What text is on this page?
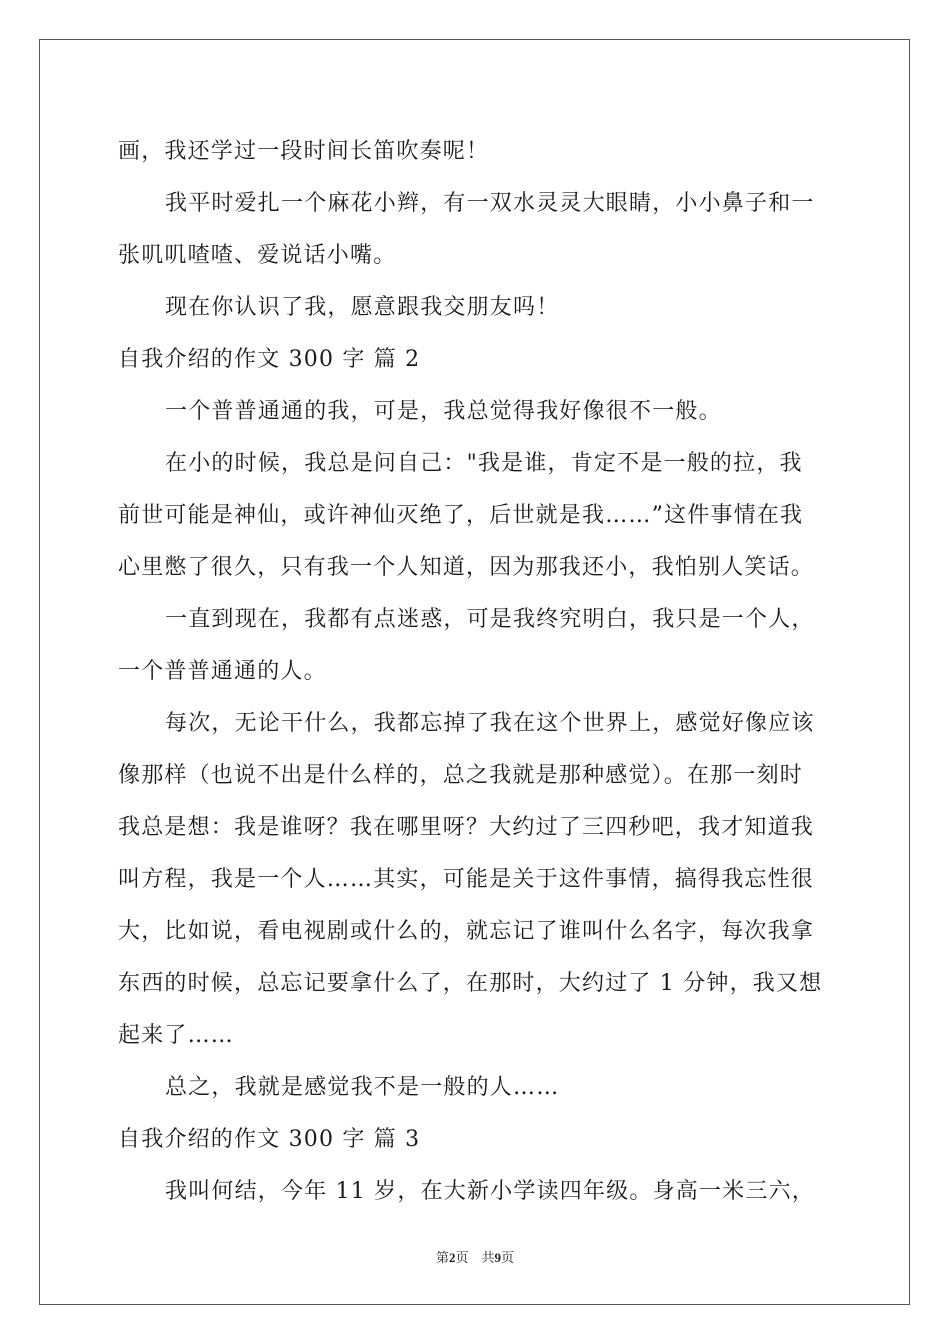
画，我还学过一段时间长笛吹奏呢！
我平时爱扎一个麻花小辫，有一双水灵灵大眼睛，小小鼻子和一
张叽叽喳喳、爱说话小嘴。
现在你认识了我，愿意跟我交朋友吗！
自我介绍的作文 300 字 篇 2
一个普普通通的我，可是，我总觉得我好像很不一般。
在小的时候，我总是问自己："我是谁，肯定不是一般的拉，我
前世可能是神仙，或许神仙灭绝了，后世就是我……”这件事情在我
心里憋了很久，只有我一个人知道，因为那我还小，我怕别人笑话。
一直到现在，我都有点迷惑，可是我终究明白，我只是一个人，
一个普普通通的人。
每次，无论干什么，我都忘掉了我在这个世界上，感觉好像应该
像那样（也说不出是什么样的，总之我就是那种感觉）。在那一刻时
我总是想：我是谁呀？我在哪里呀？大约过了三四秒吧，我才知道我
叫方程，我是一个人……其实，可能是关于这件事情，搞得我忘性很
大，比如说，看电视剧或什么的，就忘记了谁叫什么名字，每次我拿
东西的时候，总忘记要拿什么了，在那时，大约过了 1 分钟，我又想
起来了……
总之，我就是感觉我不是一般的人……
自我介绍的作文 300 字 篇 3
我叫何结，今年 11 岁，在大新小学读四年级。身高一米三六，
第2页    共9页
